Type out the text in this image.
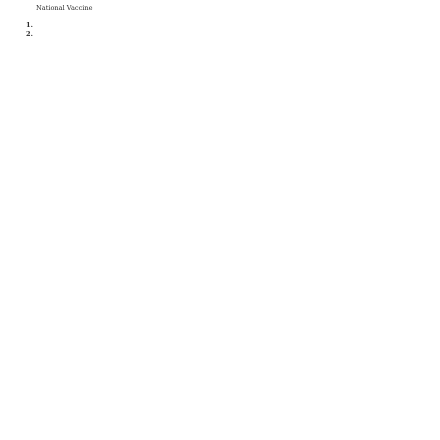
National Vaccine

1.

2.
